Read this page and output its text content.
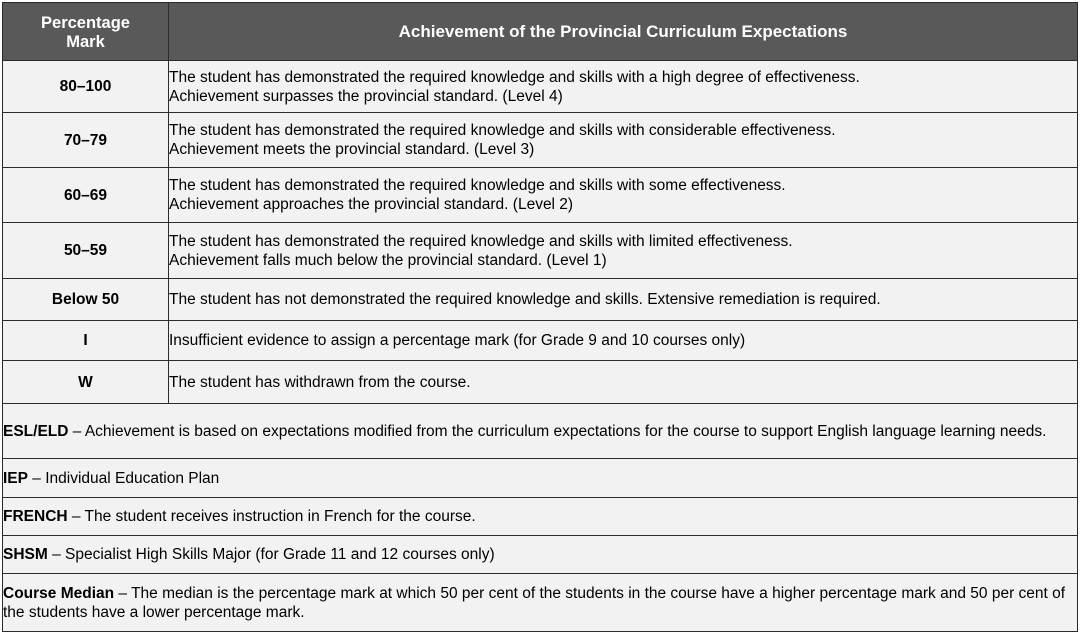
Percentage
Mark	Achievement of the Provincial Curriculum Expectations
80–100	The student has demonstrated the required knowledge and skills with a high degree of effectiveness.
Achievement surpasses the provincial standard. (Level 4)

70–79	The student has demonstrated the required knowledge and skills with considerable effectiveness.
Achievement meets the provincial standard. (Level 3)

60–69	The student has demonstrated the required knowledge and skills with some effectiveness.
Achievement approaches the provincial standard. (Level 2)

50–59	The student has demonstrated the required knowledge and skills with limited effectiveness.
Achievement falls much below the provincial standard. (Level 1)

Below 50	The student has not demonstrated the required knowledge and skills. Extensive remediation is required.
I	Insufficient evidence to assign a percentage mark (for Grade 9 and 10 courses only)
W	The student has withdrawn from the course.
ESL/ELD – Achievement is based on expectations modified from the curriculum expectations for the course to support English language learning needs.	
IEP – Individual Education Plan	
FRENCH – The student receives instruction in French for the course.	
SHSM – Specialist High Skills Major (for Grade 11 and 12 courses only)	
Course Median – The median is the percentage mark at which 50 per cent of the students in the course have a higher percentage mark and 50 per cent of the students have a lower percentage mark.	
